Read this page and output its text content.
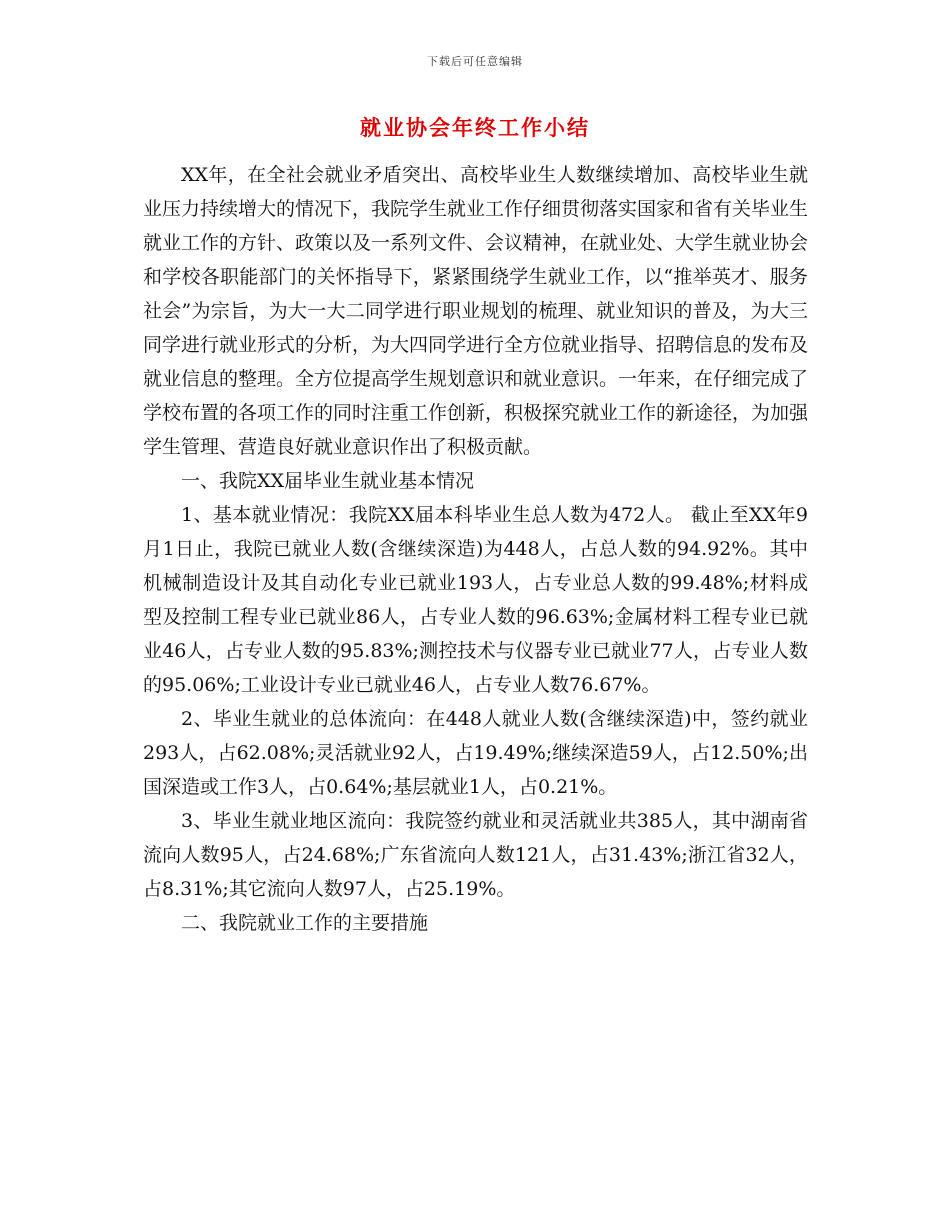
下载后可任意编辑
就业协会年终工作小结

XX年，在全社会就业矛盾突出、高校毕业生人数继续增加、高校毕业生就业压力持续增大的情况下，我院学生就业工作仔细贯彻落实国家和省有关毕业生就业工作的方针、政策以及一系列文件、会议精神，在就业处、大学生就业协会和学校各职能部门的关怀指导下，紧紧围绕学生就业工作，以“推举英才、服务社会”为宗旨，为大一大二同学进行职业规划的梳理、就业知识的普及，为大三同学进行就业形式的分析，为大四同学进行全方位就业指导、招聘信息的发布及就业信息的整理。全方位提高学生规划意识和就业意识。一年来，在仔细完成了学校布置的各项工作的同时注重工作创新，积极探究就业工作的新途径，为加强学生管理、营造良好就业意识作出了积极贡献。

一、我院XX届毕业生就业基本情况

1、基本就业情况：我院XX届本科毕业生总人数为472人。 截止至XX年9月1日止，我院已就业人数(含继续深造)为448人，占总人数的94.92%。其中机械制造设计及其自动化专业已就业193人，占专业总人数的99.48%;材料成型及控制工程专业已就业86人，占专业人数的96.63%;金属材料工程专业已就业46人，占专业人数的95.83%;测控技术与仪器专业已就业77人，占专业人数的95.06%;工业设计专业已就业46人，占专业人数76.67%。

2、毕业生就业的总体流向：在448人就业人数(含继续深造)中，签约就业293人，占62.08%;灵活就业92人，占19.49%;继续深造59人，占12.50%;出国深造或工作3人，占0.64%;基层就业1人，占0.21%。

3、毕业生就业地区流向：我院签约就业和灵活就业共385人，其中湖南省流向人数95人，占24.68%;广东省流向人数121人，占31.43%;浙江省32人，占8.31%;其它流向人数97人，占25.19%。

二、我院就业工作的主要措施
